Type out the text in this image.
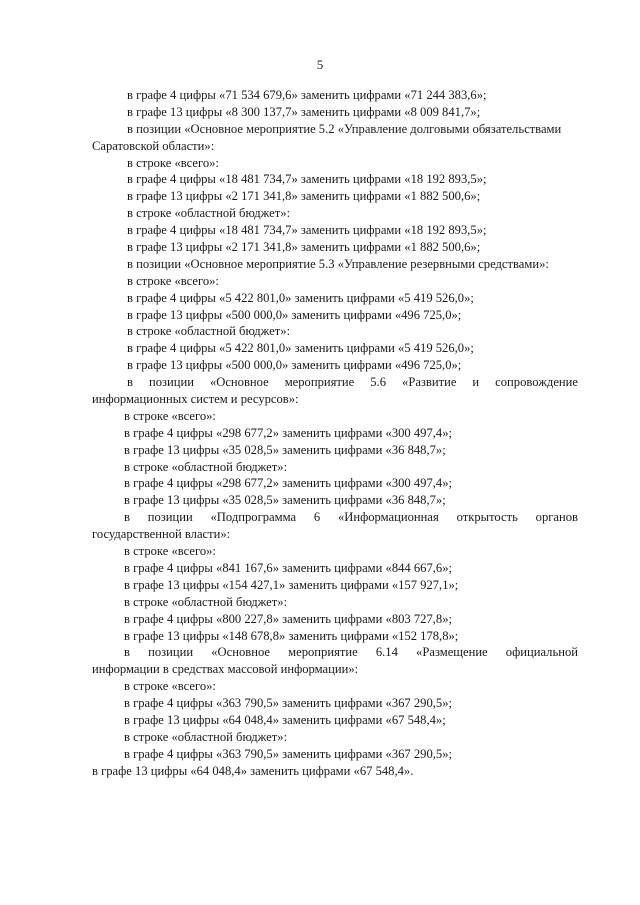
5
в графе 4 цифры «71 534 679,6» заменить цифрами «71 244 383,6»;
в графе 13 цифры «8 300 137,7» заменить цифрами «8 009 841,7»;
в позиции «Основное мероприятие 5.2 «Управление долговыми обязательствами
Саратовской области»:
в строке «всего»:
в графе 4 цифры «18 481 734,7» заменить цифрами «18 192 893,5»;
в графе 13 цифры «2 171 341,8» заменить цифрами «1 882 500,6»;
в строке «областной бюджет»:
в графе 4 цифры «18 481 734,7» заменить цифрами «18 192 893,5»;
в графе 13 цифры «2 171 341,8» заменить цифрами «1 882 500,6»;
в позиции «Основное мероприятие 5.3 «Управление резервными средствами»:
в строке «всего»:
в графе 4 цифры «5 422 801,0» заменить цифрами «5 419 526,0»;
в графе 13 цифры «500 000,0» заменить цифрами «496 725,0»;
в строке «областной бюджет»:
в графе 4 цифры «5 422 801,0» заменить цифрами «5 419 526,0»;
в графе 13 цифры «500 000,0» заменить цифрами «496 725,0»;
в позиции «Основное мероприятие 5.6 «Развитие и сопровождение
информационных систем и ресурсов»:
в строке «всего»:
в графе 4 цифры «298 677,2» заменить цифрами «300 497,4»;
в графе 13 цифры «35 028,5» заменить цифрами «36 848,7»;
в строке «областной бюджет»:
в графе 4 цифры «298 677,2» заменить цифрами «300 497,4»;
в графе 13 цифры «35 028,5» заменить цифрами «36 848,7»;
в позиции «Подпрограмма 6 «Информационная открытость органов
государственной власти»:
в строке «всего»:
в графе 4 цифры «841 167,6» заменить цифрами «844 667,6»;
в графе 13 цифры «154 427,1» заменить цифрами «157 927,1»;
в строке «областной бюджет»:
в графе 4 цифры «800 227,8» заменить цифрами «803 727,8»;
в графе 13 цифры «148 678,8» заменить цифрами «152 178,8»;
в позиции «Основное мероприятие 6.14 «Размещение официальной
информации в средствах массовой информации»:
в строке «всего»:
в графе 4 цифры «363 790,5» заменить цифрами «367 290,5»;
в графе 13 цифры «64 048,4» заменить цифрами «67 548,4»;
в строке «областной бюджет»:
в графе 4 цифры «363 790,5» заменить цифрами «367 290,5»;
в графе 13 цифры «64 048,4» заменить цифрами «67 548,4».
